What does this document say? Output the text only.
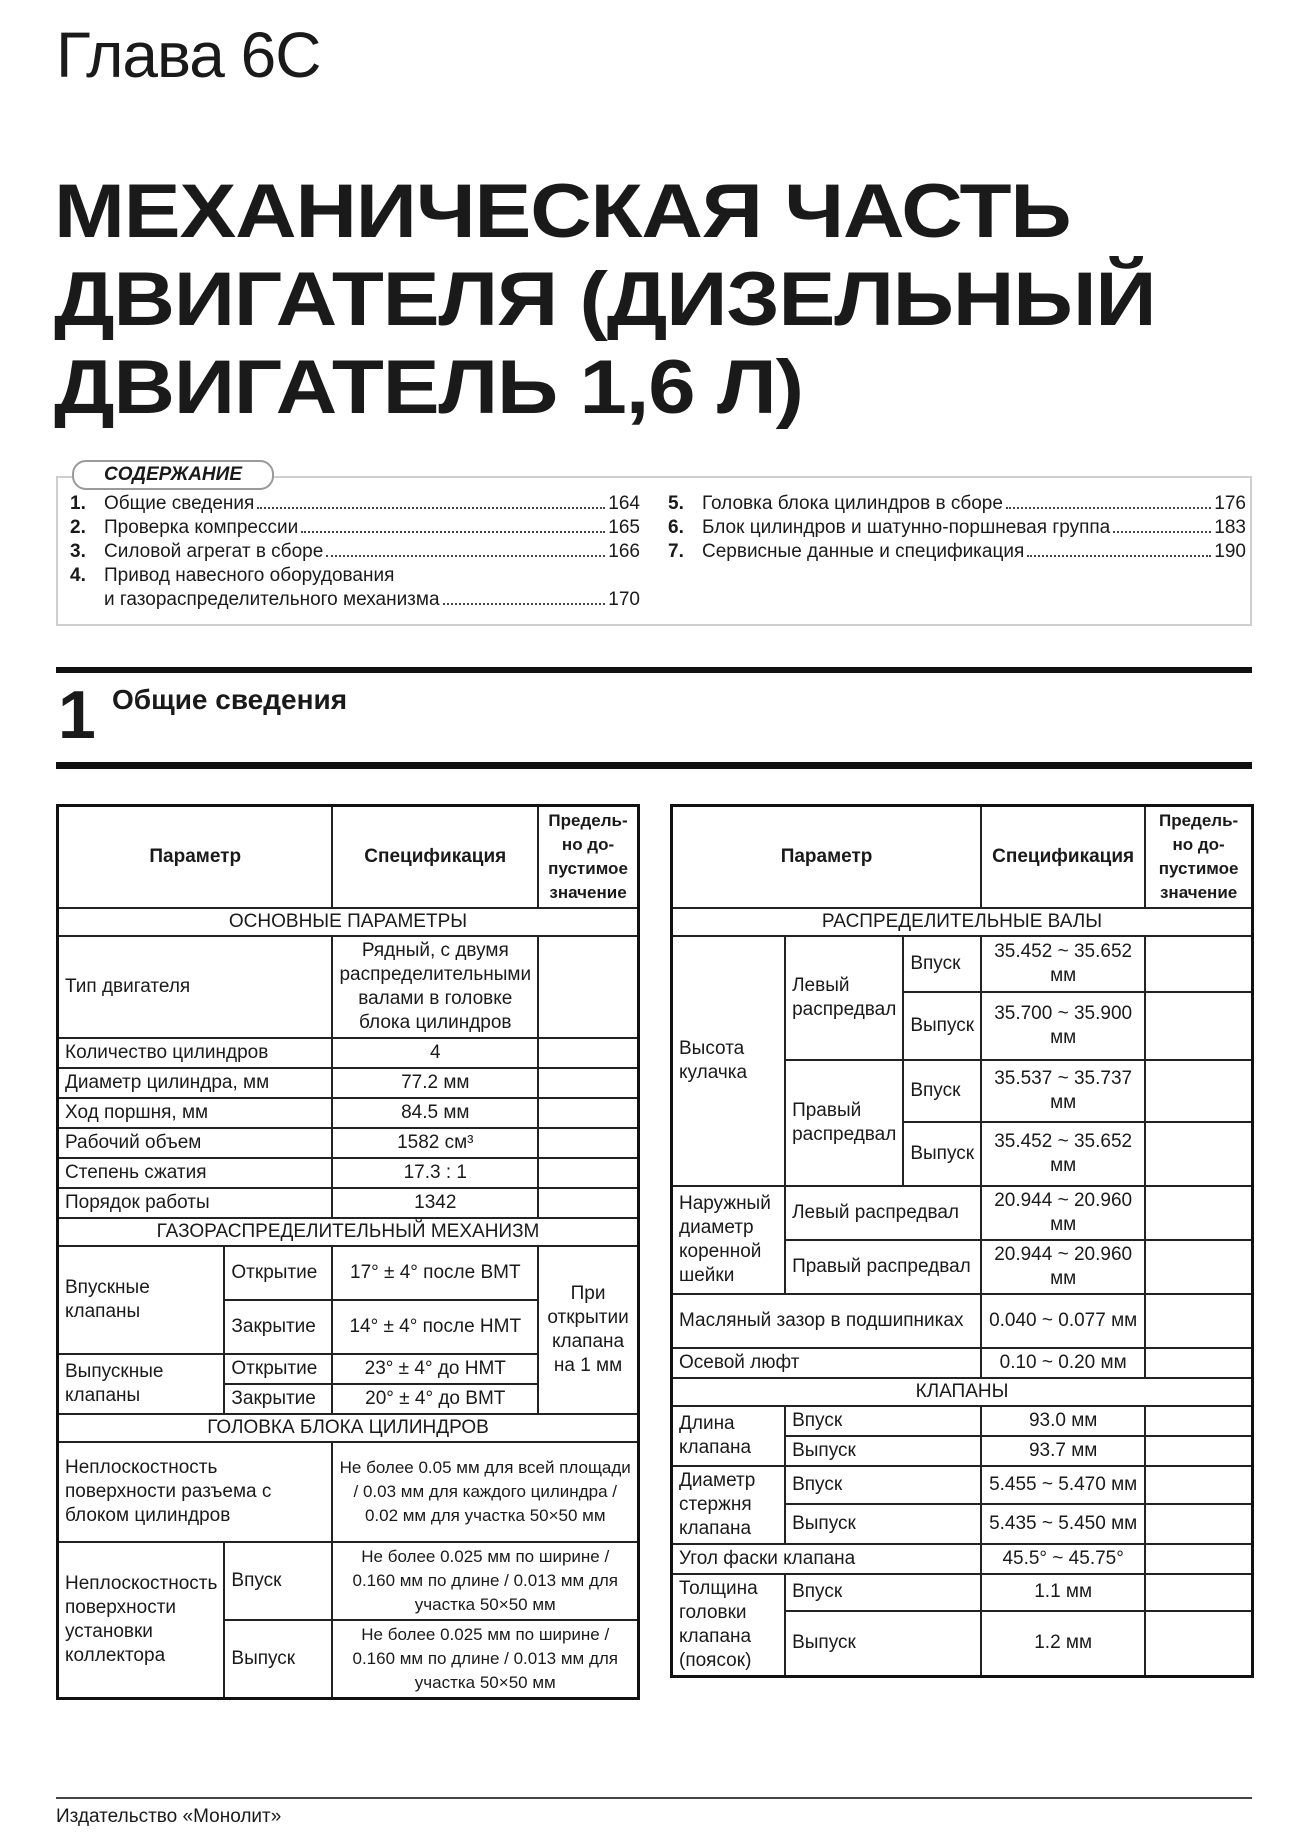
Глава 6С
МЕХАНИЧЕСКАЯ ЧАСТЬ
ДВИГАТЕЛЯ (ДИЗЕЛЬНЫЙ
ДВИГАТЕЛЬ 1,6 Л)
СОДЕРЖАНИЕ
1. Общие сведения	164
2. Проверка компрессии	165
3. Силовой агрегат в сборе	166
4. Привод навесного оборудования
и газораспределительного механизма	170
5. Головка блока цилиндров в сборе	176
6. Блок цилиндров и шатунно-поршневая группа	183
7. Сервисные данные и спецификация	190
1 Общие сведения
Параметр		Спецификация	Предель-но до-пустимое значение
ОСНОВНЫЕ ПАРАМЕТРЫ			
Тип двигателя		Рядный, с двумя распределительными валами в головке блока цилиндров	
Количество цилиндров		4	
Диаметр цилиндра, мм		77.2 мм	
Ход поршня, мм		84.5 мм	
Рабочий объем		1582 см³	
Степень сжатия		17.3 : 1	
Порядок работы		1342	
ГАЗОРАСПРЕДЕЛИТЕЛЬНЫЙ МЕХАНИЗМ			
Впускные клапаны	Открытие	17° ± 4° после ВМТ	При открытии клапана на 1 мм
	Закрытие	14° ± 4° после НМТ	
Выпускные клапаны	Открытие	23° ± 4° до НМТ	
	Закрытие	20° ± 4° до ВМТ	
ГОЛОВКА БЛОКА ЦИЛИНДРОВ			
Неплоскостность поверхности разъема с блоком цилиндров		Не более 0.05 мм для всей площади / 0.03 мм для каждого цилиндра / 0.02 мм для участка 50×50 мм	
Неплоскостность поверхности установки коллектора	Впуск	Не более 0.025 мм по ширине / 0.160 мм по длине / 0.013 мм для участка 50×50 мм	
	Выпуск	Не более 0.025 мм по ширине / 0.160 мм по длине / 0.013 мм для участка 50×50 мм	
Параметр			Спецификация	Предель-но до-пустимое значение
РАСПРЕДЕЛИТЕЛЬНЫЕ ВАЛЫ				
Высота кулачка	Левый распредвал	Впуск	35.452 ~ 35.652 мм	
		Выпуск	35.700 ~ 35.900 мм	
	Правый распредвал	Впуск	35.537 ~ 35.737 мм	
		Выпуск	35.452 ~ 35.652 мм	
Наружный диаметр коренной шейки	Левый распредвал		20.944 ~ 20.960 мм	
	Правый распредвал		20.944 ~ 20.960 мм	
Масляный зазор в подшипниках			0.040 ~ 0.077 мм	
Осевой люфт			0.10 ~ 0.20 мм	
КЛАПАНЫ				
Длина клапана	Впуск		93.0 мм	
	Выпуск		93.7 мм	
Диаметр стержня клапана	Впуск		5.455 ~ 5.470 мм	
	Выпуск		5.435 ~ 5.450 мм	
Угол фаски клапана			45.5° ~ 45.75°	
Толщина головки клапана (поясок)	Впуск		1.1 мм	
	Выпуск		1.2 мм	
Издательство «Монолит»
